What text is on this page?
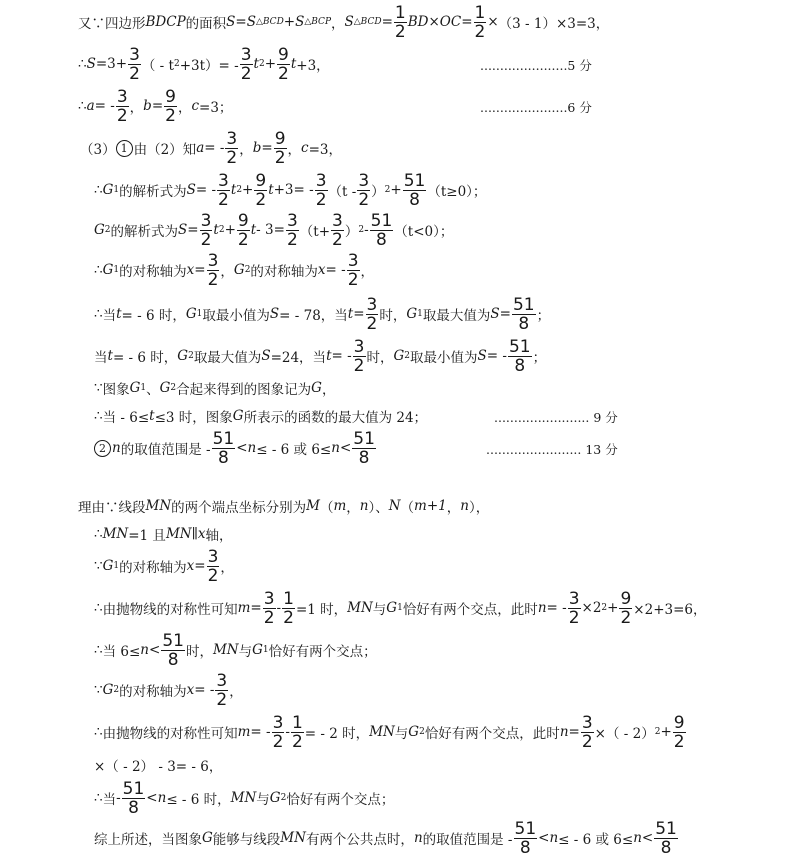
又∵四边形 BDCP 的面积 S = S △BCD + S △BCP ， S △BCD = $\frac{1}{2}$ BD × OC = $\frac{1}{2} \times (3 - 1)\times 3=3$，
∴ $S =3+ \frac{3}{2}$ （ - t $2 +3t)= - \frac{3}{2}$ t $2 + \frac{9}{2}$ t +3，	......................5 分
∴ a = - $\frac{3}{2}$ ， $b = \frac{9}{2}$ ， c =3；	......................6 分
（3） 1 由（2）知 a = - $\frac{3}{2}$ ， $b = \frac{9}{2}$ ， c =3，
∴ G 1 的解析式为 S = - $\frac{3}{2}$ t $2 + \frac{9}{2}$ $t +3= - \frac{3}{2} (t - \frac{3}{2}$ ） $2 + \frac{51}{8} (t\ge 0)$；
G 2 的解析式为 $S = \frac{3}{2}$ t $2 + \frac{9}{2}$ $t - 3= \frac{3}{2} (t+ \frac{3}{2}$ ） $2 - \frac{51}{8} (t<0)$；
∴ G 1 的对称轴为 $x = \frac{3}{2}$ ， G 2 的对称轴为 x = - $\frac{3}{2}$ ，
∴ 当 t = - 6 时， G 1 取最小值为 S = - 78，当 $t = \frac{3}{2}$ 时， G 1 取最大值为 $S = \frac{51}{8}$ ；
当 t = - 6 时， G 2 取最大值为 S =24，当 t = - $\frac{3}{2}$ 时， G 2 取最小值为 S = - $\frac{51}{8}$ ；
∵ 图象 G 1 、 G 2 合起来得到的图象记为 G ，
∴ 当 - 6≤ t ≤3 时，图象 G 所表示的函数的最大值为 24；	........................ 9 分
2 n 的取值范围是 - $\frac{51}{8} < n$ ≤ - 6 或 $6\le n < \frac{51}{8}$	........................ 13 分
理由∵线段 MN 的两个端点坐标分别为 M （ m ， n ）、 N （ m+1 ， n ），
∴ MN =1 且 MN ∥ x 轴，
∵ G 1 的对称轴为 $x = \frac{3}{2}$ ，
∴ 由抛物线的对称性可知 $m = \frac{3}{2} - \frac{1}{2} =1$ 时， MN 与 G 1 恰好有两个交点，此时 n = - $\frac{3}{2} \times 2$ $2 + \frac{9}{2} \times 2+3=6$，
∴ 当 $6\le n < \frac{51}{8}$ 时， MN 与 G 1 恰好有两个交点；
∵ G 2 的对称轴为 x = - $\frac{3}{2}$ ，
∴ 由抛物线的对称性可知 m = - $\frac{3}{2} - \frac{1}{2}$ = - 2 时， MN 与 G 2 恰好有两个交点，此时 $n = \frac{3}{2}$ ×（ - 2） $2 + \frac{9}{2}$
×（ - 2） - 3= - 6，
∴ 当 - $\frac{51}{8} < n$ ≤ - 6 时， MN 与 G 2 恰好有两个交点；
综上所述，当图象 G 能够与线段 MN 有两个公共点时， n 的取值范围是 - $\frac{51}{8} < n$ ≤ - 6 或 $6\le n < \frac{51}{8}$
